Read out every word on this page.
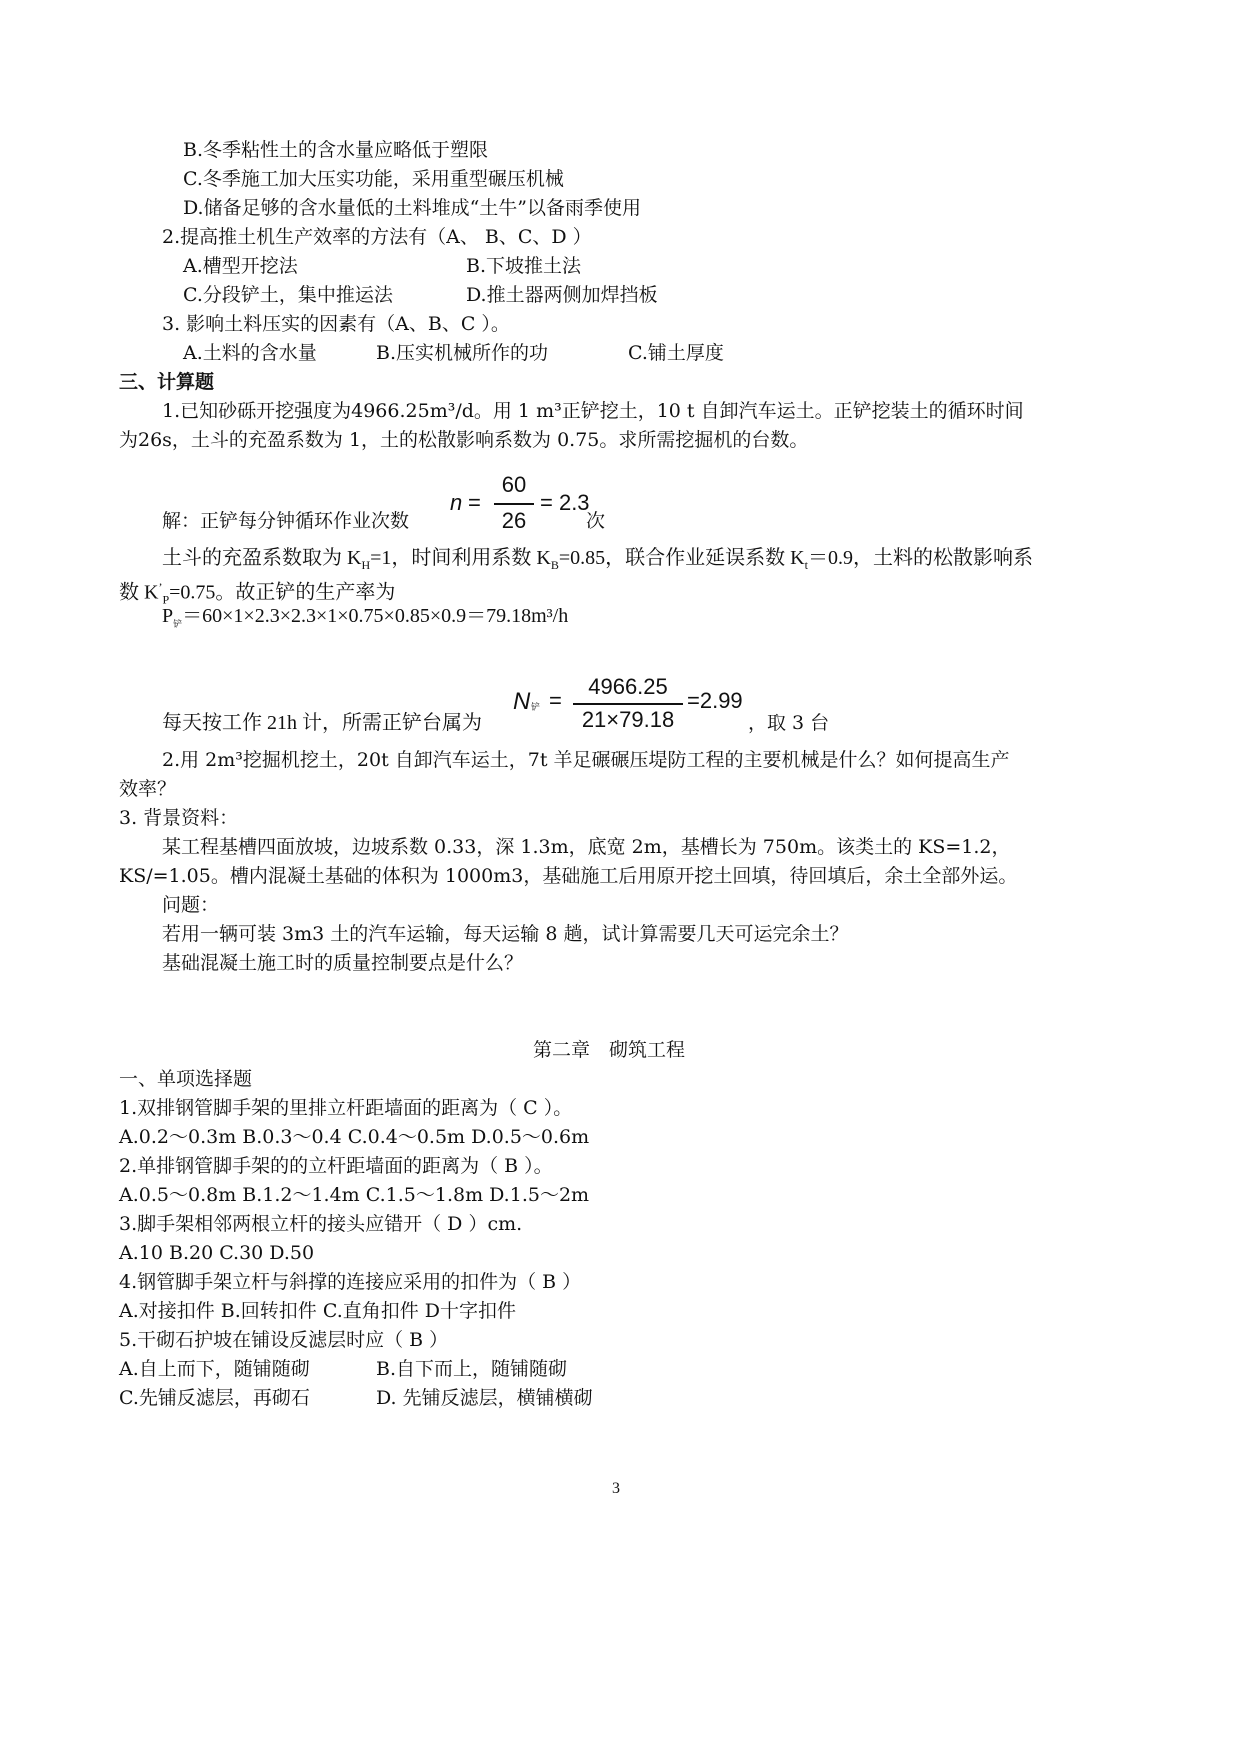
B.冬季粘性土的含水量应略低于塑限
C.冬季施工加大压实功能，采用重型碾压机械
D.储备足够的含水量低的土料堆成“土牛”以备雨季使用
2.提高推土机生产效率的方法有（A、 B、C、D ）
A.槽型开挖法	B.下坡推土法
C.分段铲土，集中推运法	D.推土器两侧加焊挡板
3. 影响土料压实的因素有（A、B、C ）。
A.土料的含水量	B.压实机械所作的功	C.铺土厚度
三、计算题
1.已知砂砾开挖强度为4966.25m³/d。用 1 m³正铲挖土，10 t 自卸汽车运土。正铲挖装土的循环时间
为26s，土斗的充盈系数为 1，土的松散影响系数为 0.75。求所需挖掘机的台数。
解：正铲每分钟循环作业次数
n =
60
26
= 2.3
次
土斗的充盈系数取为 $K_H=1$，时间利用系数 $K_B=0.85$，联合作业延误系数 $K_t=0.9$，土料的松散影响系
数 $K^’_P=0.75$。故正铲的生产率为
$P_铲=60\times 1\times 2.3\times 2.3\times 1\times 0.75\times 0.85\times 0.9=79.18m^3/h$
每天按工作 21h 计，所需正铲台属为
N 铲 =
4966.25
21×79.18
=2.99
，取 3 台
2.用 2m³挖掘机挖土，20t 自卸汽车运土，7t 羊足碾碾压堤防工程的主要机械是什么？如何提高生产
效率？
3. 背景资料：
某工程基槽四面放坡，边坡系数 0.33，深 1.3m，底宽 2m，基槽长为 750m。该类土的 KS=1.2，
KS/=1.05。槽内混凝土基础的体积为 1000m3，基础施工后用原开挖土回填，待回填后，余土全部外运。
问题：
若用一辆可装 3m3 土的汽车运输，每天运输 8 趟，试计算需要几天可运完余土？
基础混凝土施工时的质量控制要点是什么？
第二章　砌筑工程
一、单项选择题
1.双排钢管脚手架的里排立杆距墙面的距离为（ C ）。
A.0.2～0.3m B.0.3～0.4 C.0.4～0.5m D.0.5～0.6m
2.单排钢管脚手架的的立杆距墙面的距离为（ B ）。
A.0.5～0.8m B.1.2～1.4m C.1.5～1.8m D.1.5～2m
3.脚手架相邻两根立杆的接头应错开（ D ）cm.
A.10 B.20 C.30 D.50
4.钢管脚手架立杆与斜撑的连接应采用的扣件为（ B ）
A.对接扣件 B.回转扣件 C.直角扣件 D十字扣件
5.干砌石护坡在铺设反滤层时应（ B ）
A.自上而下，随铺随砌	B.自下而上，随铺随砌
C.先铺反滤层，再砌石	D. 先铺反滤层，横铺横砌
3
